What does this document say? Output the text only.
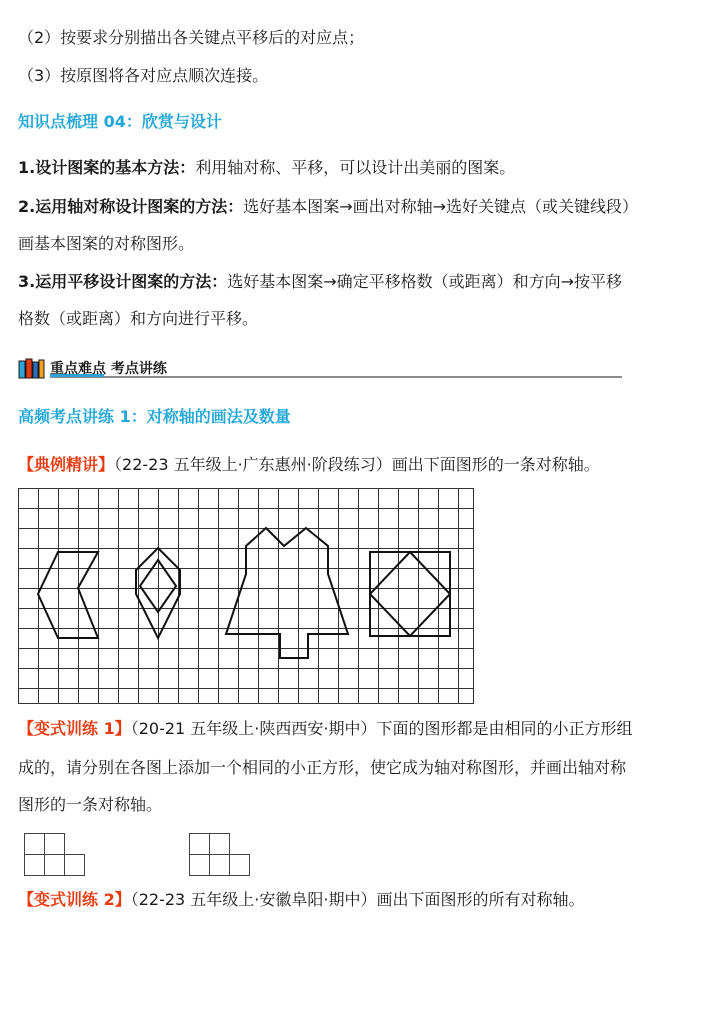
（2）按要求分别描出各关键点平移后的对应点；
（3）按原图将各对应点顺次连接。
知识点梳理 04：欣赏与设计
1.设计图案的基本方法：利用轴对称、平移，可以设计出美丽的图案。
2.运用轴对称设计图案的方法：选好基本图案→画出对称轴→选好关键点（或关键线段）
画基本图案的对称图形。
3.运用平移设计图案的方法：选好基本图案→确定平移格数（或距离）和方向→按平移
格数（或距离）和方向进行平移。
重点难点 考点讲练
高频考点讲练 1：对称轴的画法及数量
【典例精讲】（22-23 五年级上·广东惠州·阶段练习）画出下面图形的一条对称轴。
【变式训练 1】（20-21 五年级上·陕西西安·期中）下面的图形都是由相同的小正方形组
成的，请分别在各图上添加一个相同的小正方形，使它成为轴对称图形，并画出轴对称
图形的一条对称轴。
【变式训练 2】（22-23 五年级上·安徽阜阳·期中）画出下面图形的所有对称轴。
